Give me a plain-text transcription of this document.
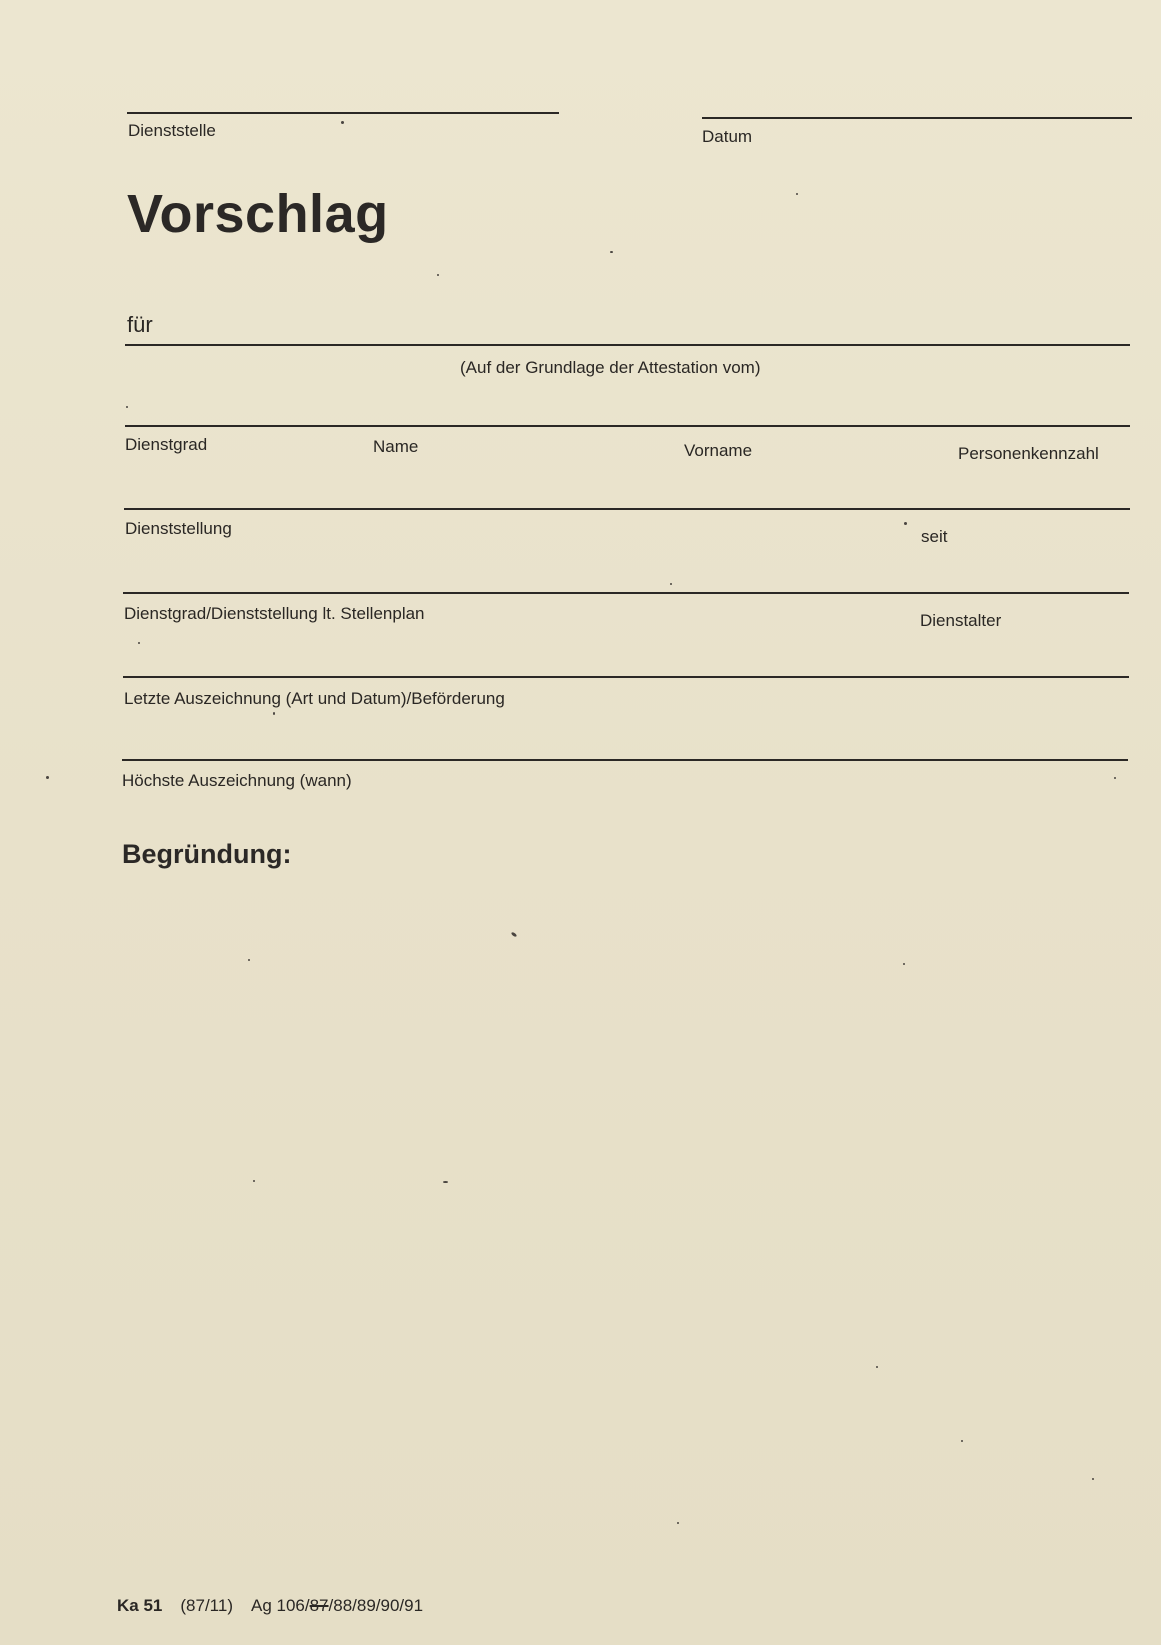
Dienststelle	Datum
Vorschlag
für
(Auf der Grundlage der Attestation vom)
Dienstgrad	Name	Vorname	Personenkennzahl
Dienststellung	seit
Dienstgrad/Dienststellung lt. Stellenplan	Dienstalter
Letzte Auszeichnung (Art und Datum)/Beförderung
Höchste Auszeichnung (wann)
Begründung:
Ka 51 (87/11) Ag 106/87/88/89/90/91
